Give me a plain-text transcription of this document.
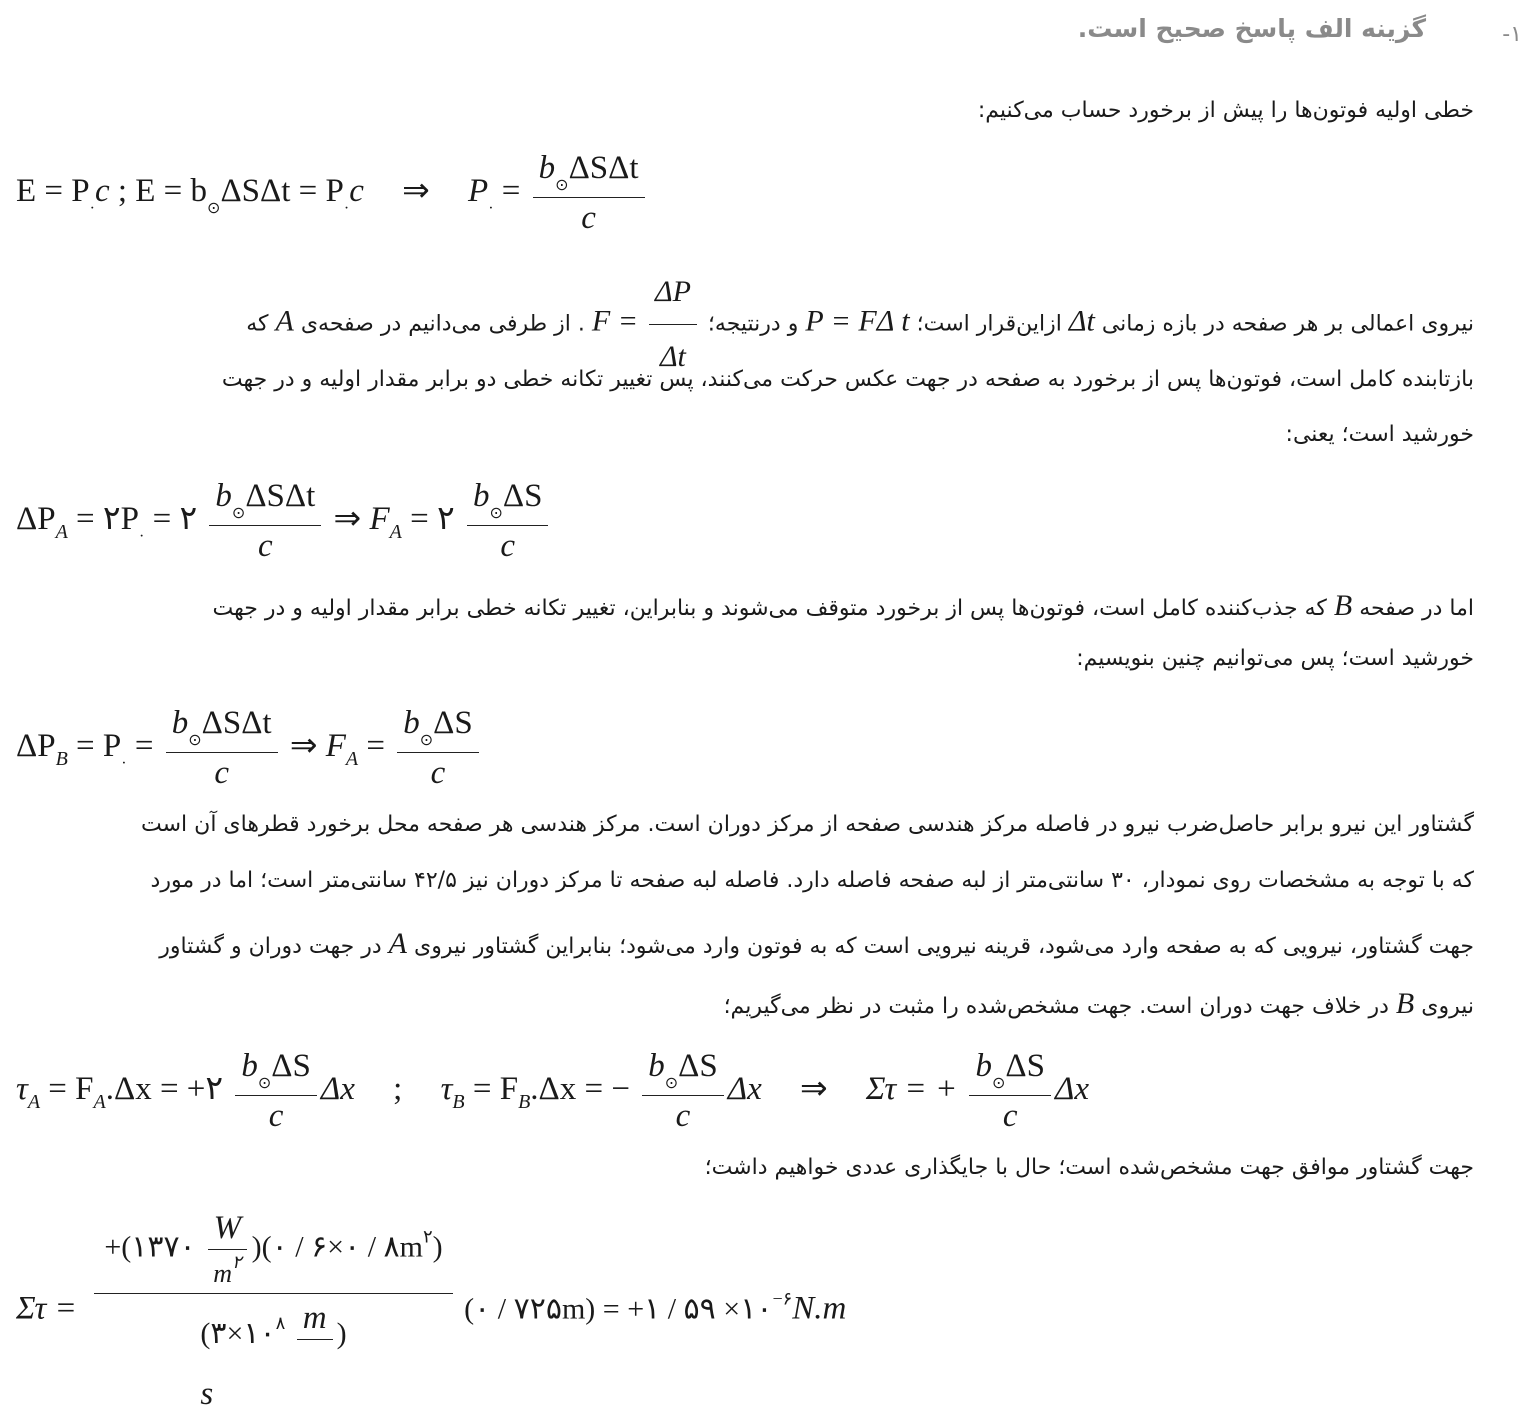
-۱
گزینه الف پاسخ صحیح است.
خطی اولیه فوتون‌ها را پیش از برخورد حساب می‌کنیم:
$E = P_\cdot c$ ; $E = b_⊙\Delta S\Delta t = P_\cdot c$ ⇒ $P_\cdot = \frac{b_⊙\Delta S\Delta t}{c}$
نیروی اعمالی بر هر صفحه در بازه زمانی Δt ازاین‌قرار است؛ P = FΔ t و درنتیجه؛ $F = \frac{\Delta P}{\Delta t}$
. از طرفی می‌دانیم در صفحه‌ی A که
بازتابنده کامل است، فوتون‌ها پس از برخورد به صفحه در جهت عکس حرکت می‌کنند، پس تغییر تکانه خطی دو برابر مقدار اولیه و در جهت
خورشید است؛ یعنی:
$\Delta P_A$ = $۲P_\cdot$ = ۲ $\frac{b_⊙\Delta S\Delta t}{c}$ ⇒ $F_A$ = ۲ $\frac{b_⊙\Delta S}{c}$
اما در صفحه B که جذب‌کننده کامل است، فوتون‌ها پس از برخورد متوقف می‌شوند و بنابراین، تغییر تکانه خطی برابر مقدار اولیه و در جهت
خورشید است؛ پس می‌توانیم چنین بنویسیم:
$\Delta P_B = P_\cdot = \frac{b_⊙\Delta S\Delta t}{c}$ ⇒ $F_A = \frac{b_⊙\Delta S}{c}$
گشتاور این نیرو برابر حاصل‌ضرب نیرو در فاصله مرکز هندسی صفحه از مرکز دوران است. مرکز هندسی هر صفحه محل برخورد قطرهای آن است
که با توجه به مشخصات روی نمودار، ۳۰ سانتی‌متر از لبه صفحه فاصله دارد. فاصله لبه صفحه تا مرکز دوران نیز ۴۲/۵ سانتی‌متر است؛ اما در مورد
جهت گشتاور، نیرویی که به صفحه وارد می‌شود، قرینه نیرویی است که به فوتون وارد می‌شود؛ بنابراین گشتاور نیروی A در جهت دوران و گشتاور
نیروی B در خلاف جهت دوران است. جهت مشخص‌شده را مثبت در نظر می‌گیریم؛
$\tau_A = F_A.\Delta x$ = +۲ $\frac{b_⊙\Delta S}{c}$ Δx ; $\tau_B = F_B.\Delta x$ = − $\frac{b_⊙\Delta S}{c}$ Δx ⇒ Στ = + $\frac{b_⊙\Delta S}{c}$ Δx
جهت گشتاور موافق جهت مشخص‌شده است؛ حال با جایگذاری عددی خواهیم داشت؛
Στ = +(۱۳۷۰ $\frac{W}{m^۲}$ )(۰ / ۶×۰ / $۸m^۲$)
($۳\times ۱۰^۸$ m
)
s (۰ / ۷۲۵m) = +۱ / ۵۹ $\times ۱۰^{-۶}N.m$
